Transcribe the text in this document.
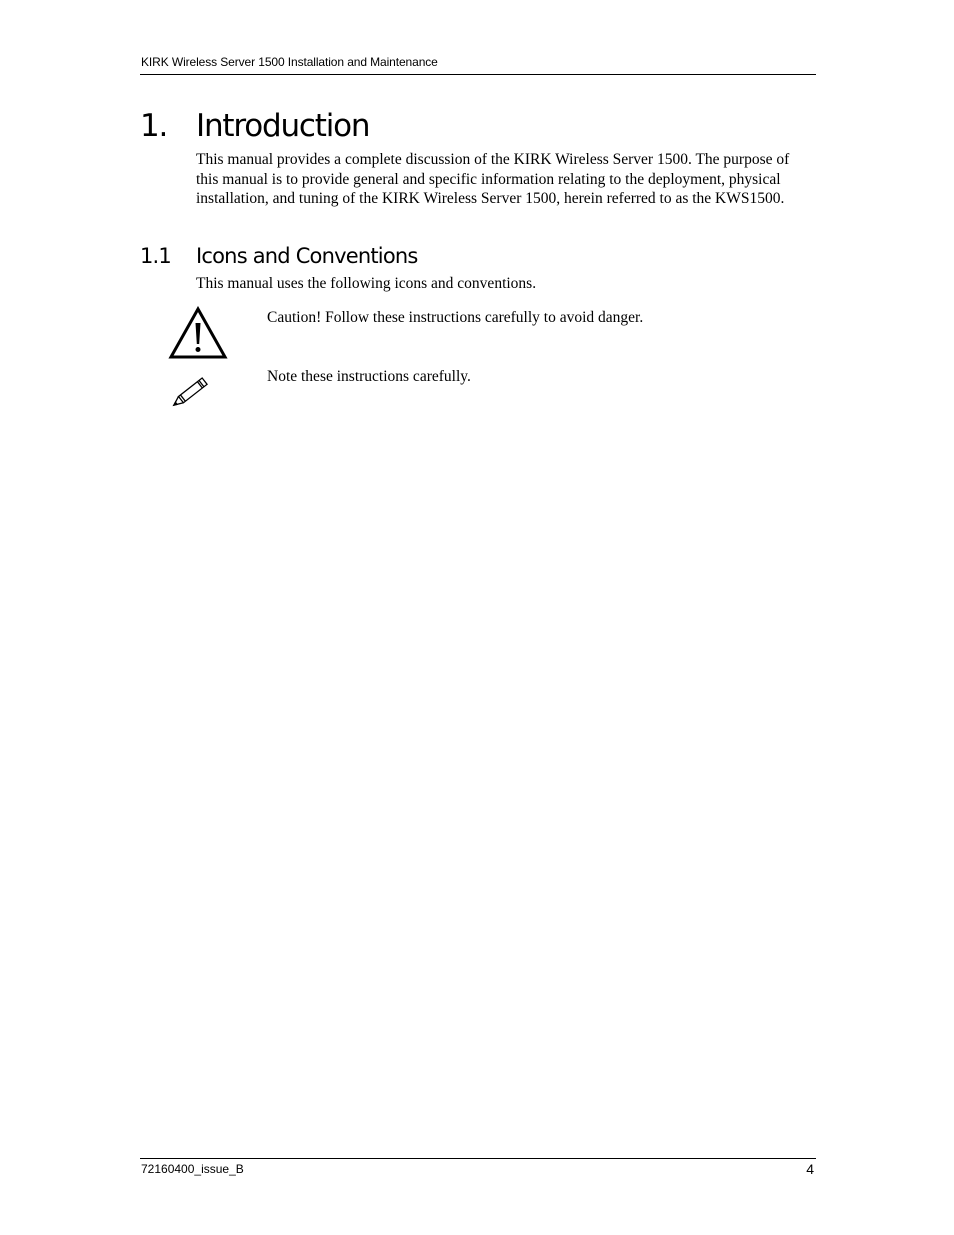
KIRK Wireless Server 1500 Installation and Maintenance
1. Introduction
This manual provides a complete discussion of the KIRK Wireless Server 1500. The purpose of this manual is to provide general and specific information relating to the deployment, physical installation, and tuning of the KIRK Wireless Server 1500, herein referred to as the KWS1500.
1.1 Icons and Conventions
This manual uses the following icons and conventions.
Caution! Follow these instructions carefully to avoid danger.
Note these instructions carefully.
72160400_issue_B	4
